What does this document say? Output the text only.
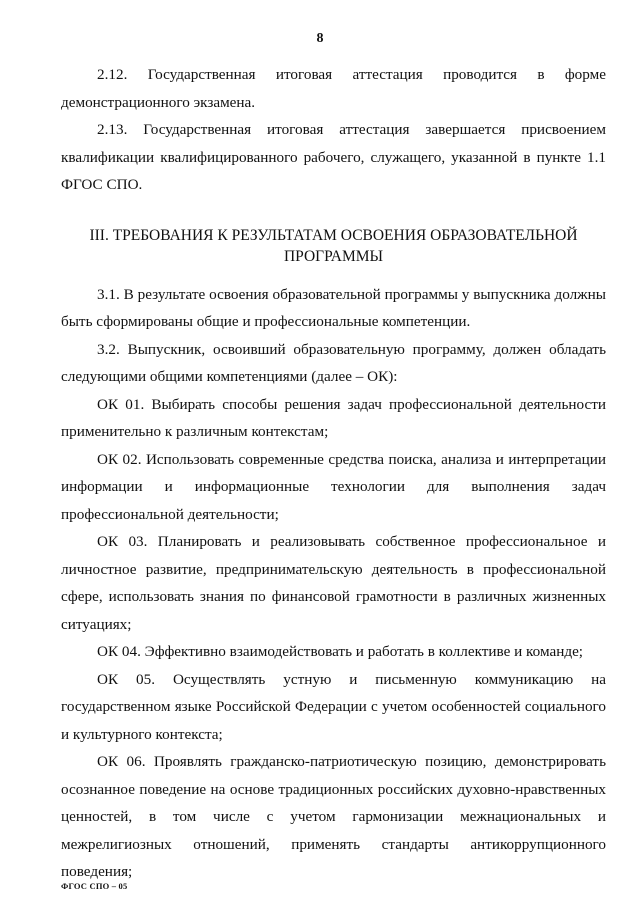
8

2.12. Государственная итоговая аттестация проводится в форме демонстрационного экзамена.

2.13. Государственная итоговая аттестация завершается присвоением квалификации квалифицированного рабочего, служащего, указанной в пункте 1.1 ФГОС СПО.

III. ТРЕБОВАНИЯ К РЕЗУЛЬТАТАМ ОСВОЕНИЯ ОБРАЗОВАТЕЛЬНОЙ ПРОГРАММЫ

3.1. В результате освоения образовательной программы у выпускника должны быть сформированы общие и профессиональные компетенции.

3.2. Выпускник, освоивший образовательную программу, должен обладать следующими общими компетенциями (далее – ОК):

ОК 01. Выбирать способы решения задач профессиональной деятельности применительно к различным контекстам;

ОК 02. Использовать современные средства поиска, анализа и интерпретации информации и информационные технологии для выполнения задач профессиональной деятельности;

ОК 03. Планировать и реализовывать собственное профессиональное и личностное развитие, предпринимательскую деятельность в профессиональной сфере, использовать знания по финансовой грамотности в различных жизненных ситуациях;

ОК 04. Эффективно взаимодействовать и работать в коллективе и команде;

ОК 05. Осуществлять устную и письменную коммуникацию на государственном языке Российской Федерации с учетом особенностей социального и культурного контекста;

ОК 06. Проявлять гражданско-патриотическую позицию, демонстрировать осознанное поведение на основе традиционных российских духовно-нравственных ценностей, в том числе с учетом гармонизации межнациональных и межрелигиозных отношений, применять стандарты антикоррупционного поведения;

ФГОС СПО – 05
